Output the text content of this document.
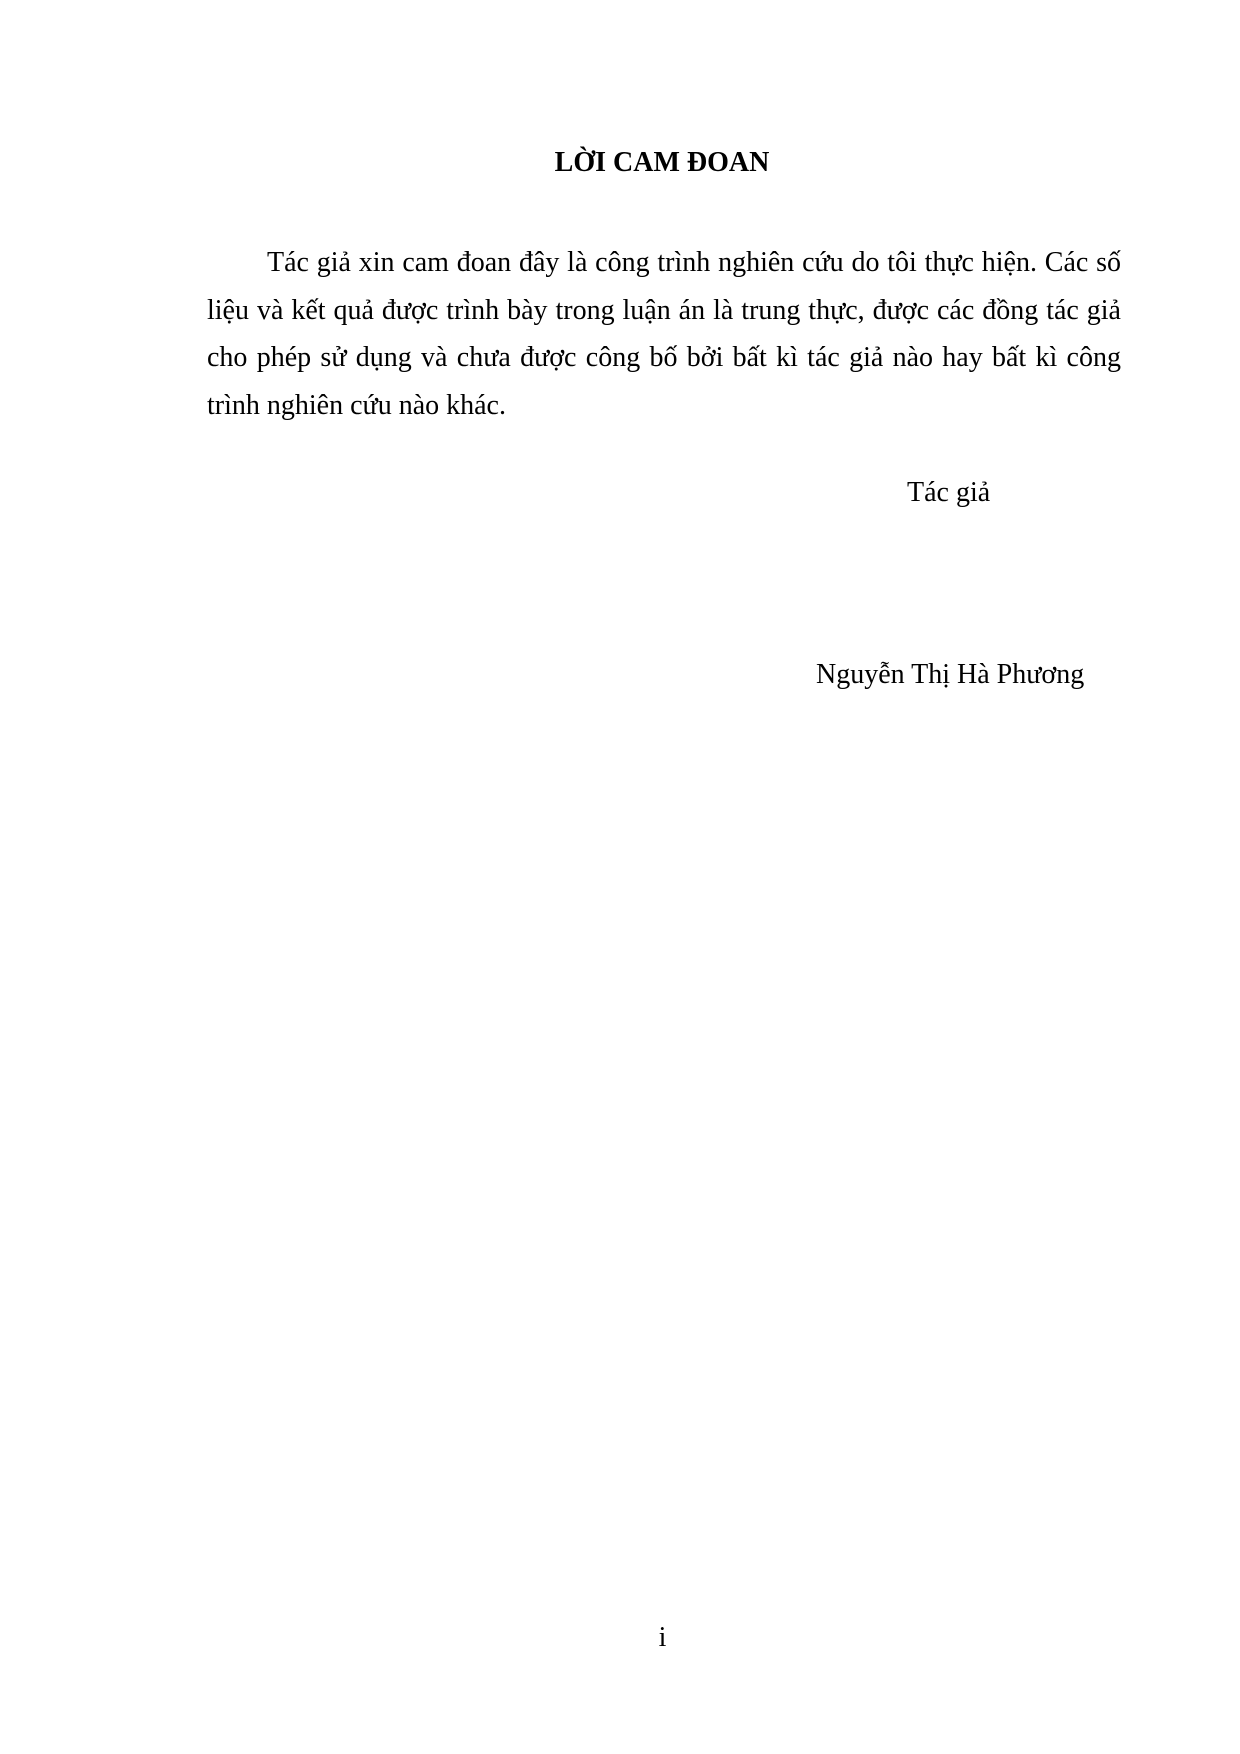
LỜI CAM ĐOAN

Tác giả xin cam đoan đây là công trình nghiên cứu do tôi thực hiện. Các số liệu và kết quả được trình bày trong luận án là trung thực, được các đồng tác giả cho phép sử dụng và chưa được công bố bởi bất kì tác giả nào hay bất kì công trình nghiên cứu nào khác.

Tác giả

Nguyễn Thị Hà Phương

i
